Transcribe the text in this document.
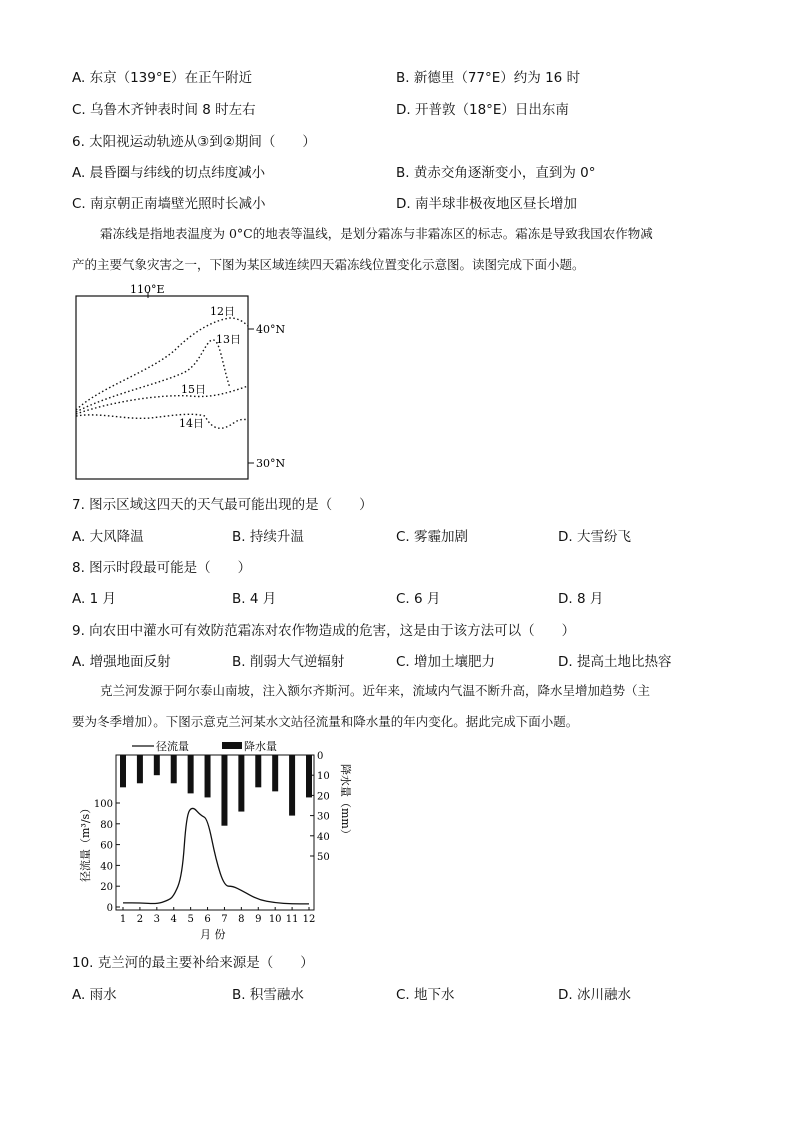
A. 东京（139°E）在正午附近	B. 新德里（77°E）约为 16 时
C. 乌鲁木齐钟表时间 8 时左右	D. 开普敦（18°E）日出东南
6. 太阳视运动轨迹从③到②期间（　　）
A. 晨昏圈与纬线的切点纬度减小	B. 黄赤交角逐渐变小，直到为 0°
C. 南京朝正南墙壁光照时长减小	D. 南半球非极夜地区昼长增加
霜冻线是指地表温度为 0°C的地表等温线，是划分霜冻与非霜冻区的标志。霜冻是导致我国农作物减
产的主要气象灾害之一，下图为某区域连续四天霜冻线位置变化示意图。读图完成下面小题。
110°E
40°N
30°N
12日
13日
15日
14日
7. 图示区域这四天的天气最可能出现的是（　　）
A. 大风降温	B. 持续升温	C. 雾霾加剧	D. 大雪纷飞
8. 图示时段最可能是（　　）
A. 1 月	B. 4 月	C. 6 月	D. 8 月
9. 向农田中灌水可有效防范霜冻对农作物造成的危害，这是由于该方法可以（　　）
A. 增强地面反射	B. 削弱大气逆辐射	C. 增加土壤肥力	D. 提高土地比热容
克兰河发源于阿尔泰山南坡，注入额尔齐斯河。近年来，流域内气温不断升高，降水呈增加趋势（主
要为冬季增加）。下图示意克兰河某水文站径流量和降水量的年内变化。据此完成下面小题。
径流量	降水量
径流量（m³/s）
降水量（mm）
月 份
0
20
40
60
80
100
0
10
20
30
40
50
1 2 3 4 5 6 7 8 9 10 11 12
10. 克兰河的最主要补给来源是（　　）
A. 雨水	B. 积雪融水	C. 地下水	D. 冰川融水
